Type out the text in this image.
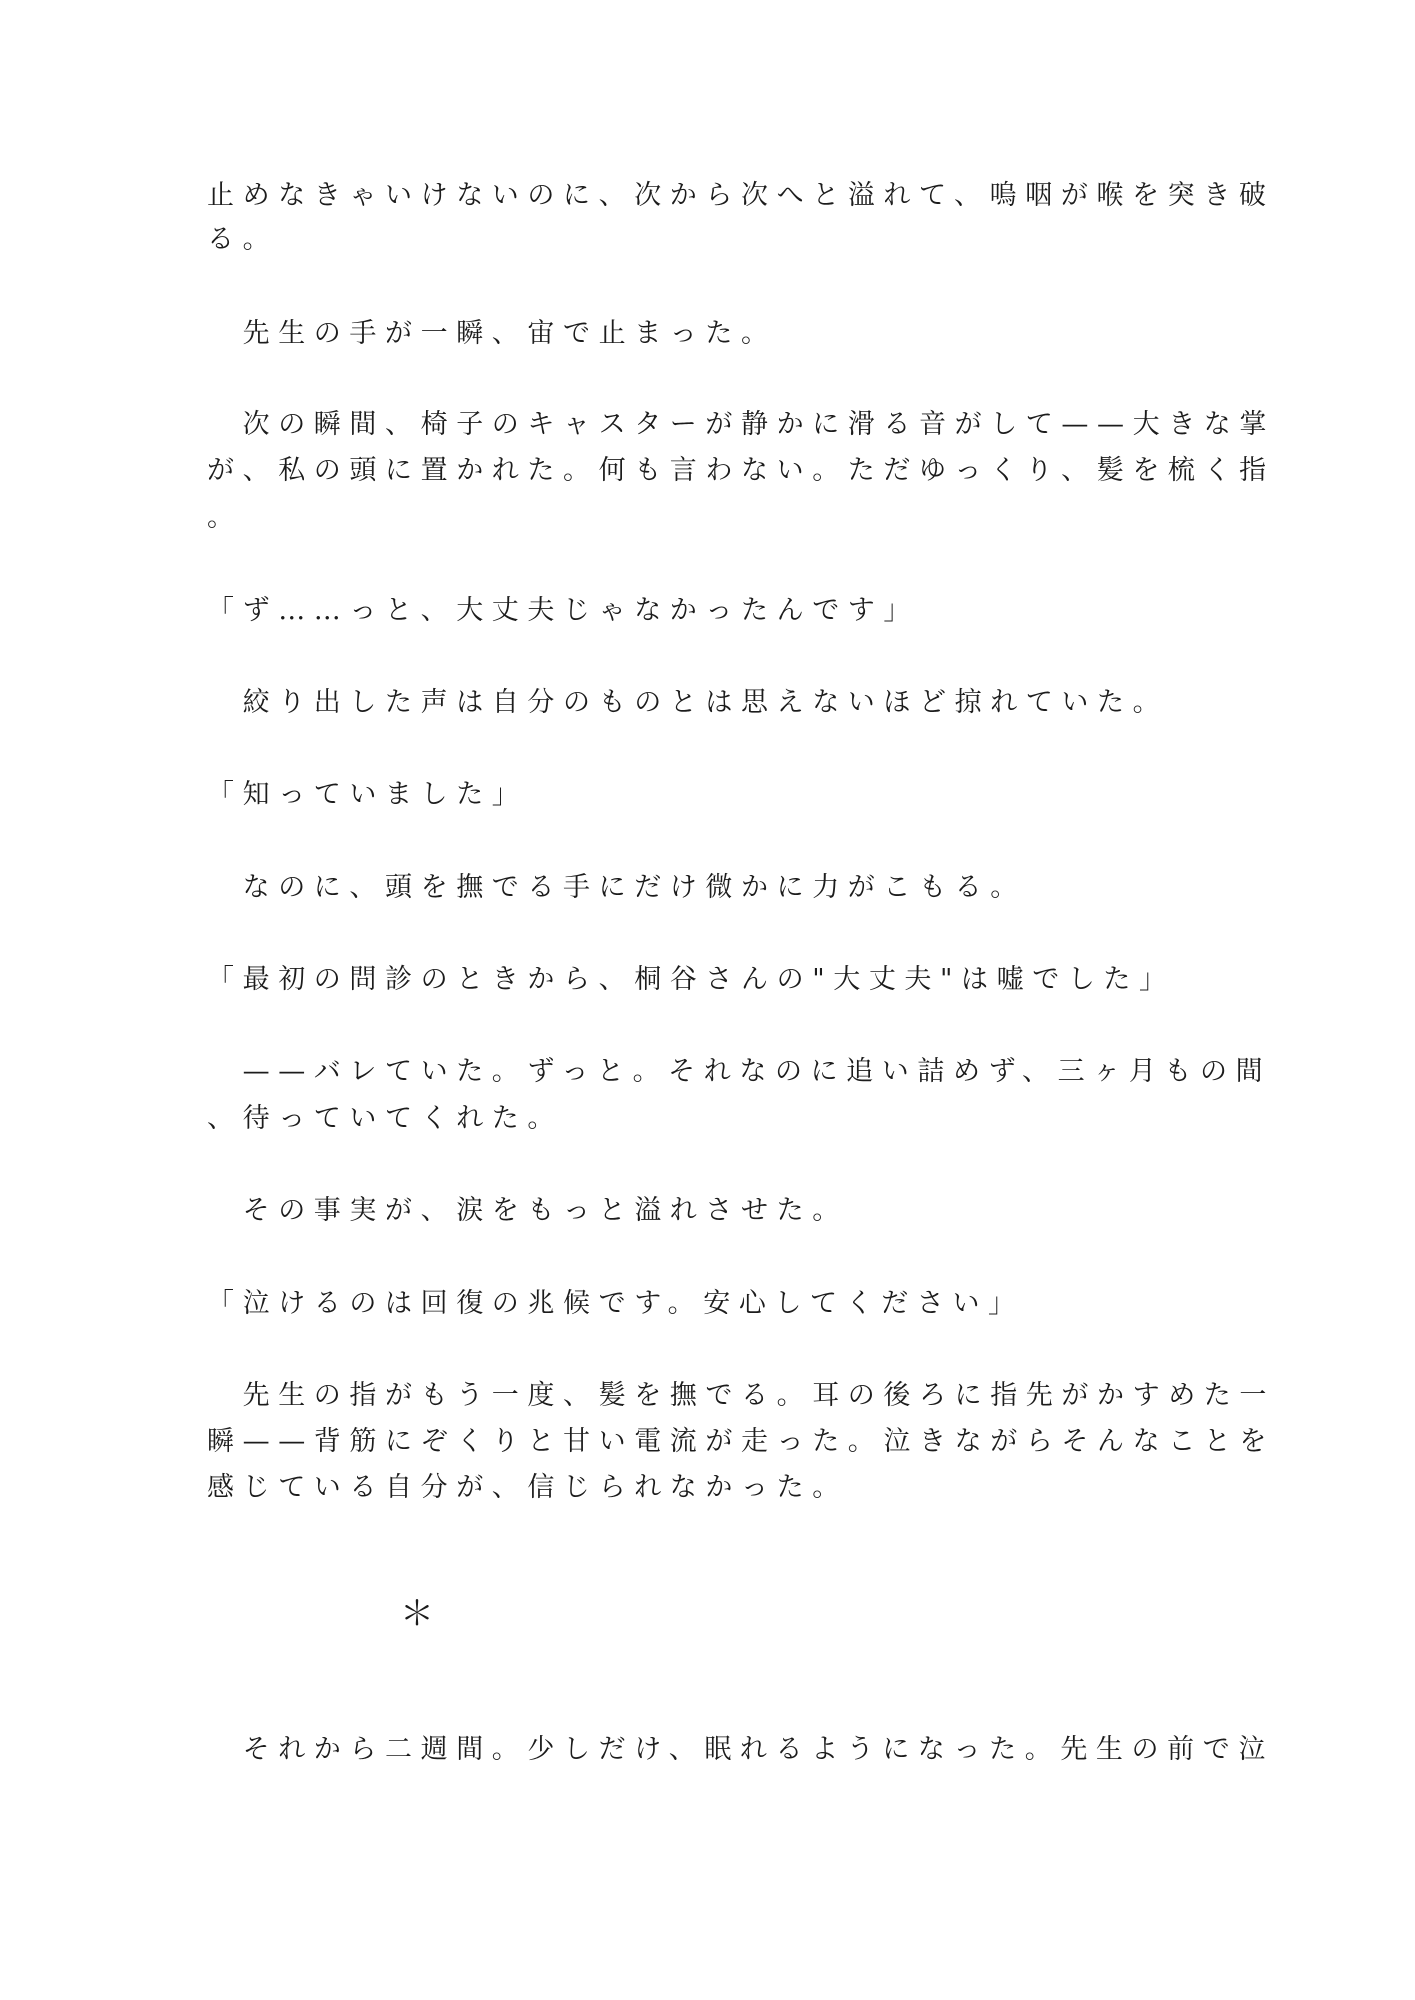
止めなきゃいけないのに、次から次へと溢れて、嗚咽が喉を突き破
る。
　先生の手が一瞬、宙で止まった。
　次の瞬間、椅子のキャスターが静かに滑る音がして——大きな掌
が、私の頭に置かれた。何も言わない。ただゆっくり、髪を梳く指
。
「ず……っと、大丈夫じゃなかったんです」
　絞り出した声は自分のものとは思えないほど掠れていた。
「知っていました」
　なのに、頭を撫でる手にだけ微かに力がこもる。
「最初の問診のときから、桐谷さんの"大丈夫"は嘘でした」
　——バレていた。ずっと。それなのに追い詰めず、三ヶ月もの間
、待っていてくれた。
　その事実が、涙をもっと溢れさせた。
「泣けるのは回復の兆候です。安心してください」
　先生の指がもう一度、髪を撫でる。耳の後ろに指先がかすめた一
瞬——背筋にぞくりと甘い電流が走った。泣きながらそんなことを
感じている自分が、信じられなかった。
＊
　それから二週間。少しだけ、眠れるようになった。先生の前で泣
